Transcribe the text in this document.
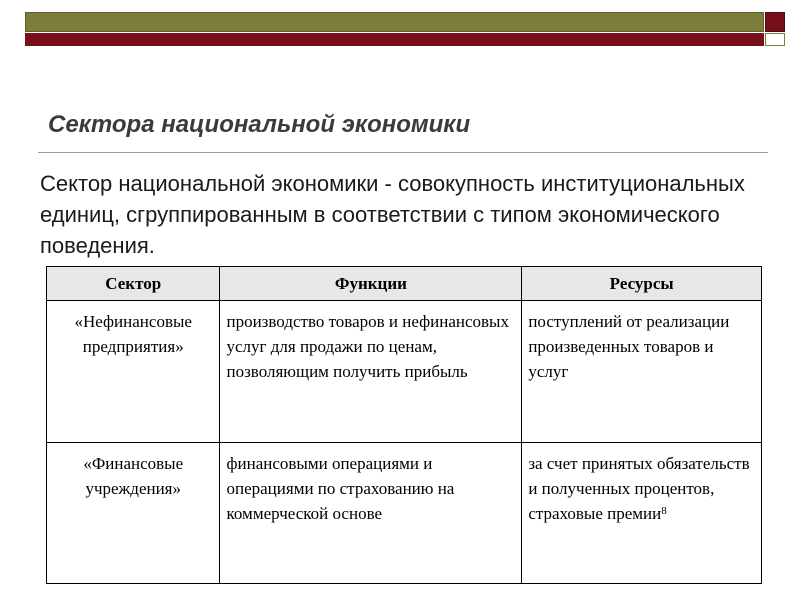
Сектора национальной экономики

Сектор национальной экономики - совокупность институциональных единиц, сгруппированным в соответствии с типом экономического поведения.

Сектор	Функции	Ресурсы
«Нефинансовые предприятия»	производство товаров и нефинансовых услуг для продажи по ценам, позволяющим получить прибыль	поступлений от реализации произведенных товаров и услуг
«Финансовые учреждения»	финансовыми операциями и операциями по страхованию на коммерческой основе	за счет принятых обязательств и полученных процентов, страховые премии$^8$
